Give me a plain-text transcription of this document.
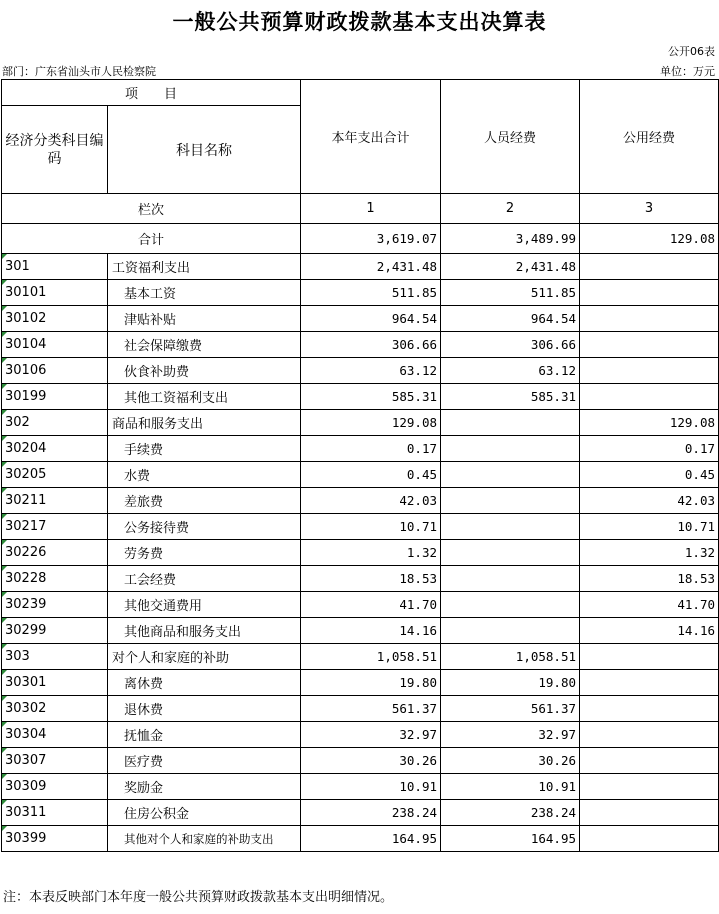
一般公共预算财政拨款基本支出决算表
公开06表
部门：广东省汕头市人民检察院	单位：万元
项　　目		本年支出合计	人员经费	公用经费
经济分类科目编码	科目名称			
栏次		1	2	3
合计		3,619.07	3,489.99	129.08

301	工资福利支出	2,431.48	2,431.48	

30101	基本工资	511.85	511.85	

30102	津贴补贴	964.54	964.54	

30104	社会保障缴费	306.66	306.66	

30106	伙食补助费	63.12	63.12	

30199	其他工资福利支出	585.31	585.31	

302	商品和服务支出	129.08		129.08

30204	手续费	0.17		0.17

30205	水费	0.45		0.45

30211	差旅费	42.03		42.03

30217	公务接待费	10.71		10.71

30226	劳务费	1.32		1.32

30228	工会经费	18.53		18.53

30239	其他交通费用	41.70		41.70

30299	其他商品和服务支出	14.16		14.16

303	对个人和家庭的补助	1,058.51	1,058.51	

30301	离休费	19.80	19.80	

30302	退休费	561.37	561.37	

30304	抚恤金	32.97	32.97	

30307	医疗费	30.26	30.26	

30309	奖励金	10.91	10.91	

30311	住房公积金	238.24	238.24	

30399	其他对个人和家庭的补助支出	164.95	164.95	
注：本表反映部门本年度一般公共预算财政拨款基本支出明细情况。
